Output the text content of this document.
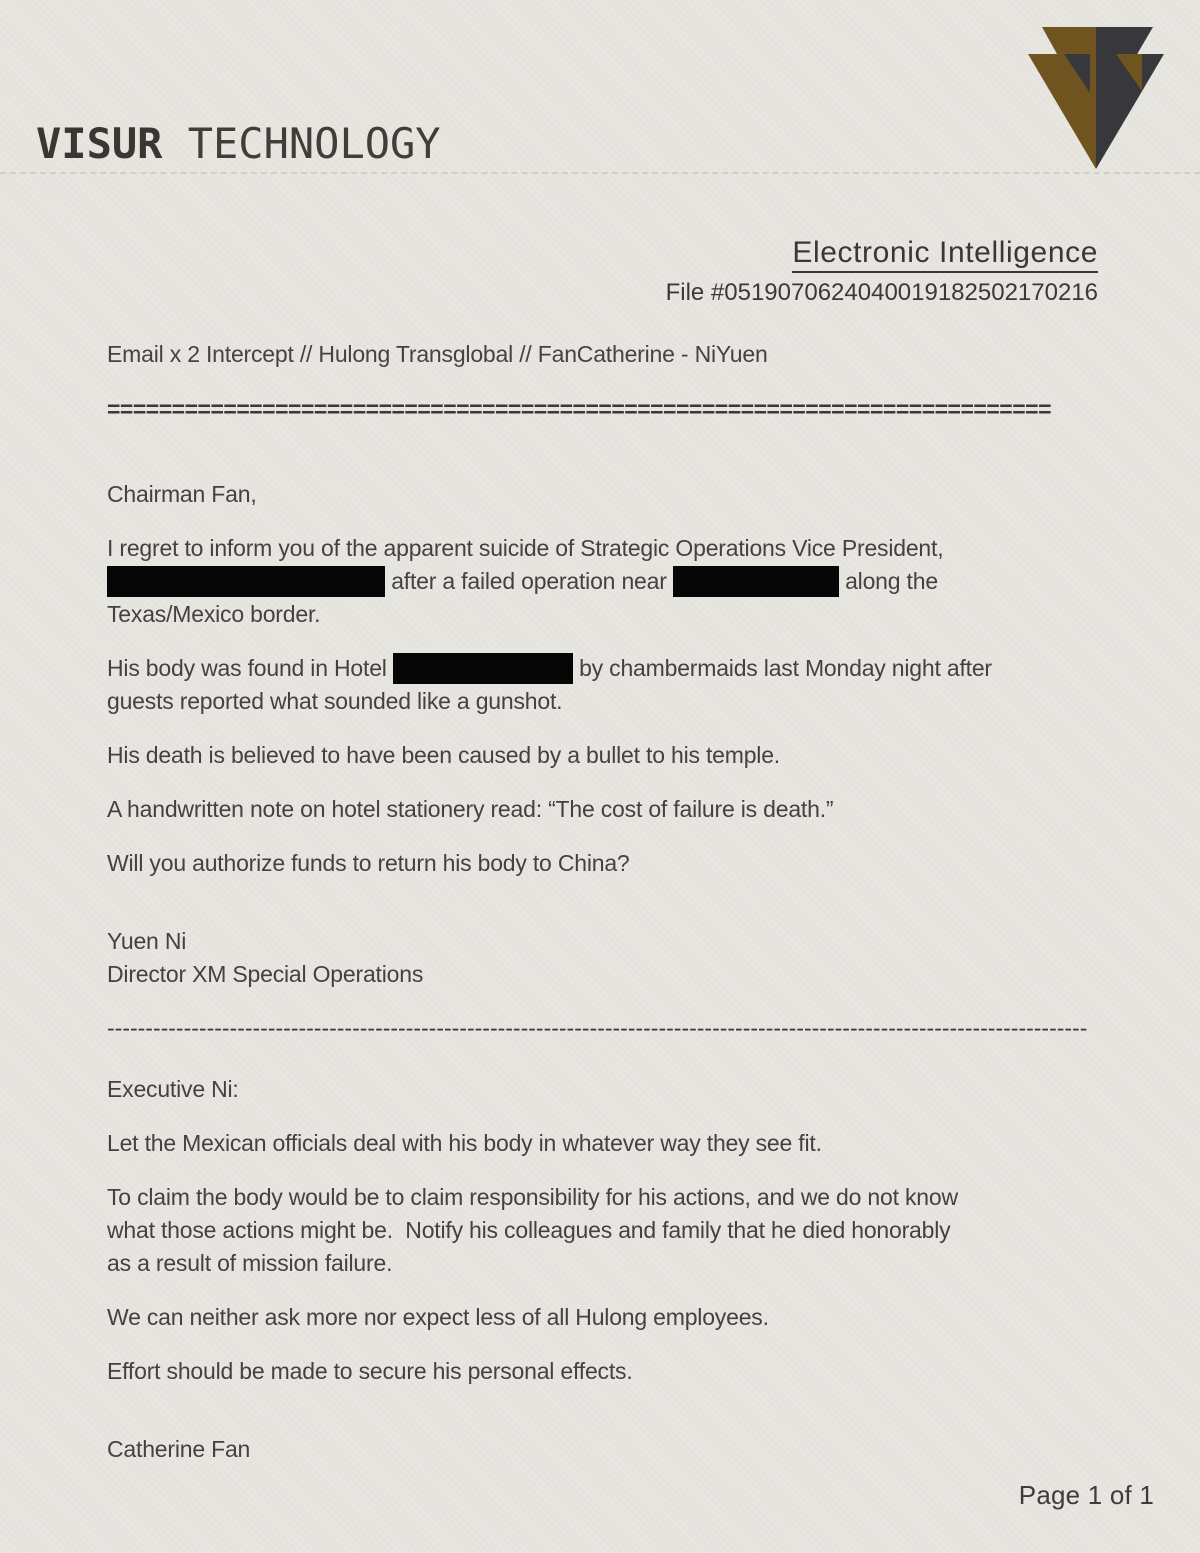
VISUR TECHNOLOGY
Electronic Intelligence
File #0519070624040019182502170216
Email x 2 Intercept // Hulong Transglobal // FanCatherine - NiYuen
=========================================================================
Chairman Fan,
I regret to inform you of the apparent suicide of Strategic Operations Vice President,
after a failed operation near	along the
Texas/Mexico border.
His body was found in Hotel	by chambermaids last Monday night after
guests reported what sounded like a gunshot.
His death is believed to have been caused by a bullet to his temple.
A handwritten note on hotel stationery read: “The cost of failure is death.”
Will you authorize funds to return his body to China?
Yuen Ni
Director XM Special Operations
--------------------------------------------------------------------------------------------------------------------------------
Executive Ni:
Let the Mexican officials deal with his body in whatever way they see fit.
To claim the body would be to claim responsibility for his actions, and we do not know
what those actions might be.  Notify his colleagues and family that he died honorably
as a result of mission failure.
We can neither ask more nor expect less of all Hulong employees.
Effort should be made to secure his personal effects.
Catherine Fan
Page 1 of 1
